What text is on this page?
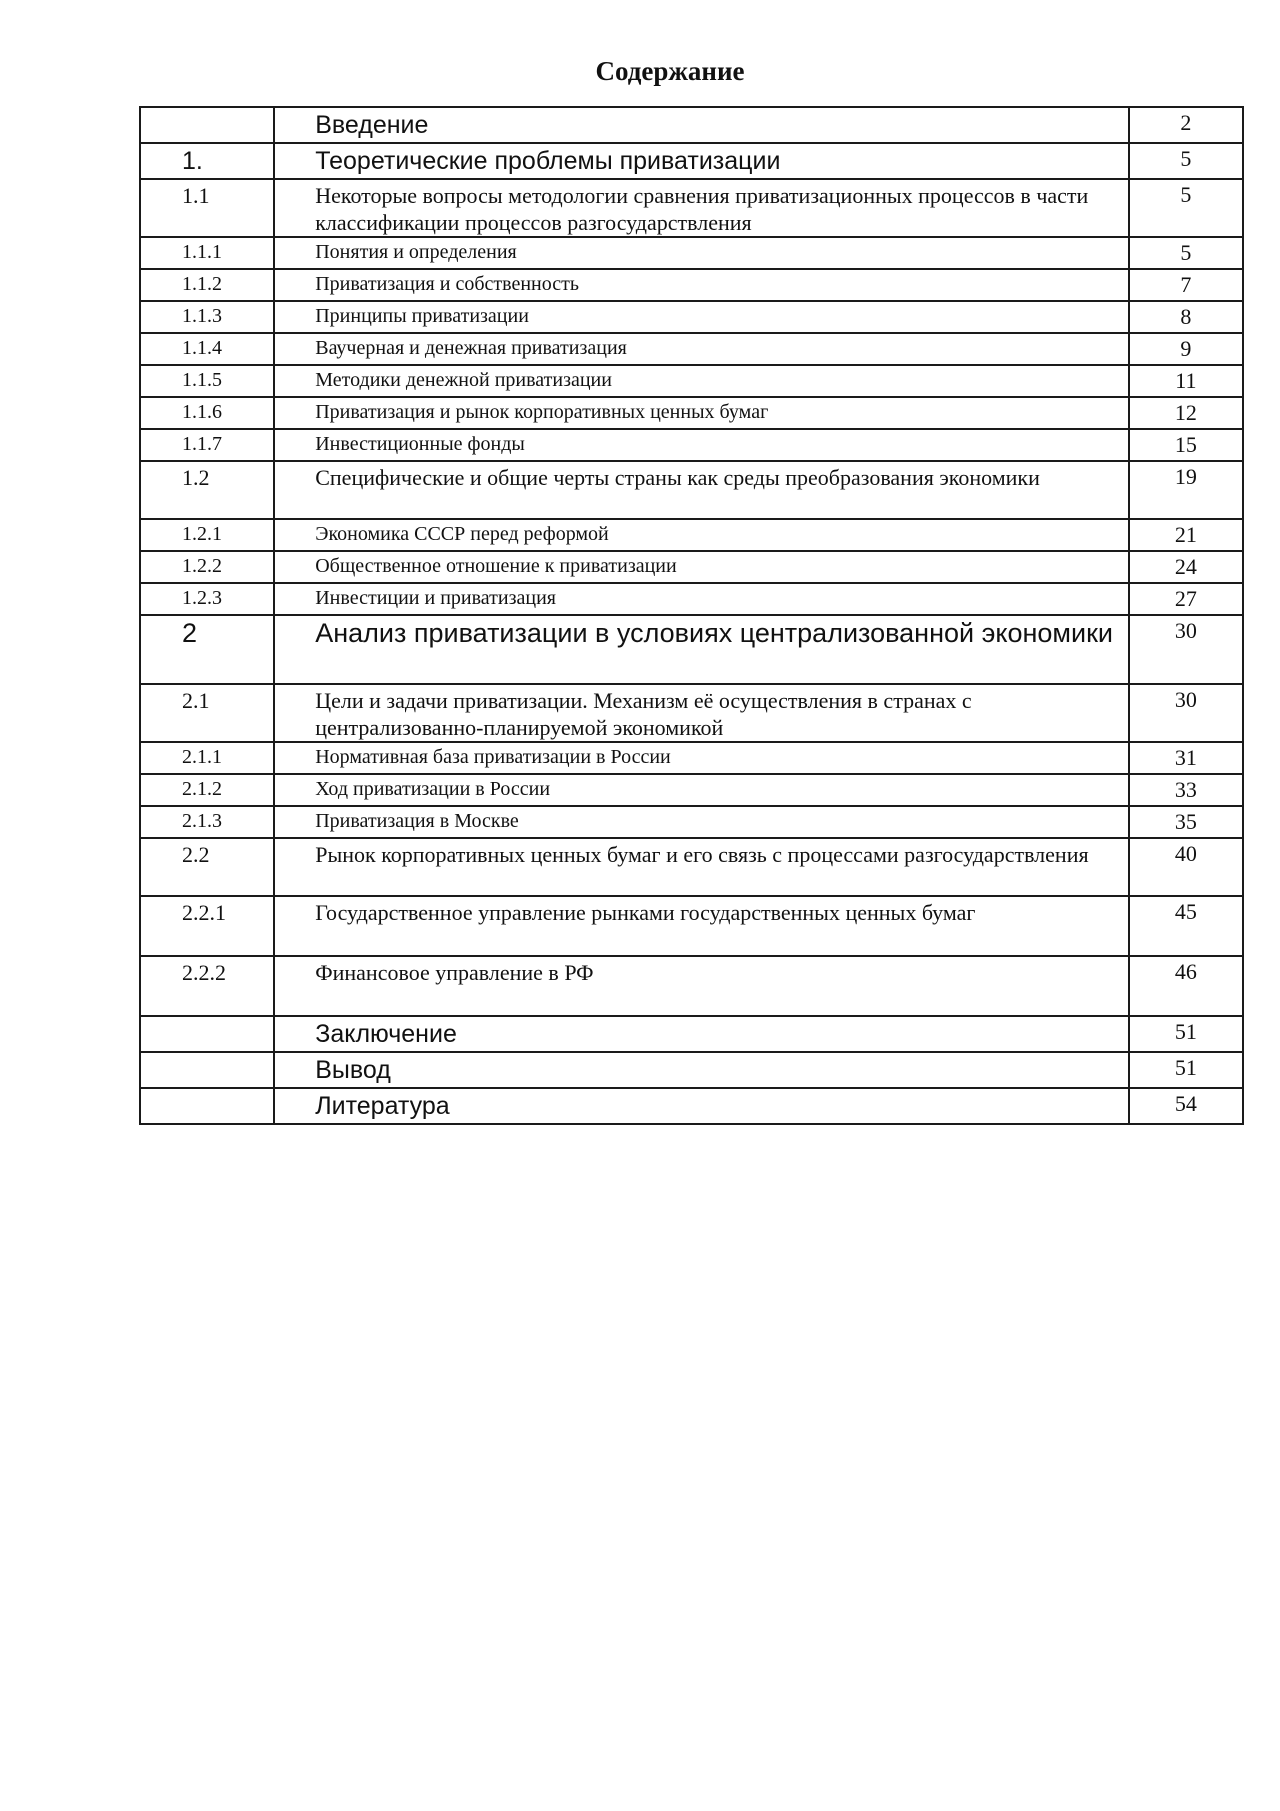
Содержание
	Введение	2
1.	Теоретические проблемы приватизации	5
1.1	Некоторые вопросы методологии сравнения приватизационных процессов в части классификации процессов разгосударствления	5
1.1.1	Понятия и определения	5
1.1.2	Приватизация и собственность	7
1.1.3	Принципы приватизации	8
1.1.4	Ваучерная и денежная приватизация	9
1.1.5	Методики денежной приватизации	11
1.1.6	Приватизация и рынок корпоративных ценных бумаг	12
1.1.7	Инвестиционные фонды	15
1.2	Специфические и общие черты страны как среды преобразования экономики	19
1.2.1	Экономика СССР перед реформой	21
1.2.2	Общественное отношение к приватизации	24
1.2.3	Инвестиции и приватизация	27
2	Анализ приватизации в условиях централизованной экономики	30
2.1	Цели и задачи приватизации. Механизм её осуществления в странах с централизованно-планируемой экономикой	30
2.1.1	Нормативная база приватизации в России	31
2.1.2	Ход приватизации в России	33
2.1.3	Приватизация в Москве	35
2.2	Рынок корпоративных ценных бумаг и его связь с процессами разгосударствления	40
2.2.1	Государственное управление рынками государственных ценных бумаг	45
2.2.2	Финансовое управление в РФ	46
	Заключение	51
	Вывод	51
	Литература	54
